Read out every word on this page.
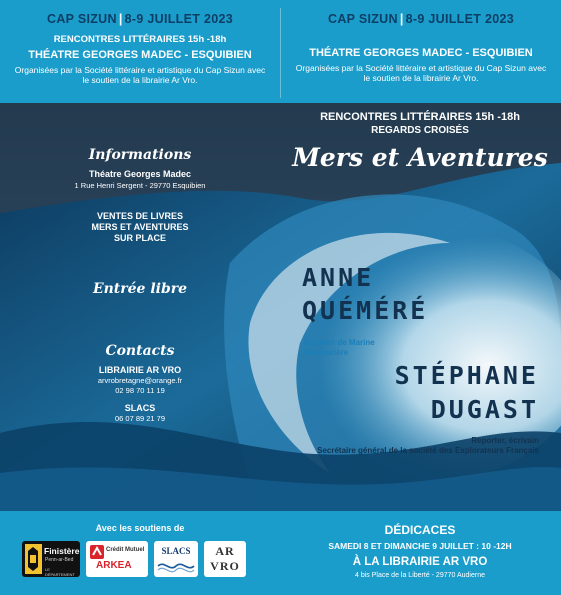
CAP SIZUN | 8-9 JUILLET 2023
RENCONTRES LITTÉRAIRES 15h -18h
THÉATRE GEORGES MADEC - ESQUIBIEN
Organisées par la Société littéraire et artistique du Cap Sizun avec le soutien de la librairie Ar Vro.
CAP SIZUN | 8-9 JUILLET 2023
THÉATRE GEORGES MADEC - ESQUIBIEN
Organisées par la Société littéraire et artistique du Cap Sizun avec le soutien de la librairie Ar Vro.
Informations
Théatre Georges Madec
1 Rue Henri Sergent - 29770 Esquibien
VENTES DE LIVRES
MERS ET AVENTURES
SUR PLACE
Entrée libre
Contacts
LIBRAIRIE AR VRO
arvrobretagne@orange.fr
02 98 70 11 19
SLACS
06 07 89 21 79
RENCONTRES LITTÉRAIRES 15h -18h
REGARDS CROISÉS
Mers et Aventures
ANNE
QUÉMÉRÉ
Écrivain de Marine
Aventurière
STÉPHANE
DUGAST
Reporter, écrivain
Secrétaire général de la société des Explorateurs Français
Avec les soutiens de
Finistère
Penn-ar-Bed
LE DÉPARTEMENT
Crédit Mutuel
ARKEA
SLACS	AR
VRO
DÉDICACES
SAMEDI 8 ET DIMANCHE 9 JUILLET : 10 -12H
À LA LIBRAIRIE AR VRO
4 bis Place de la Liberté - 29770 Audierne
